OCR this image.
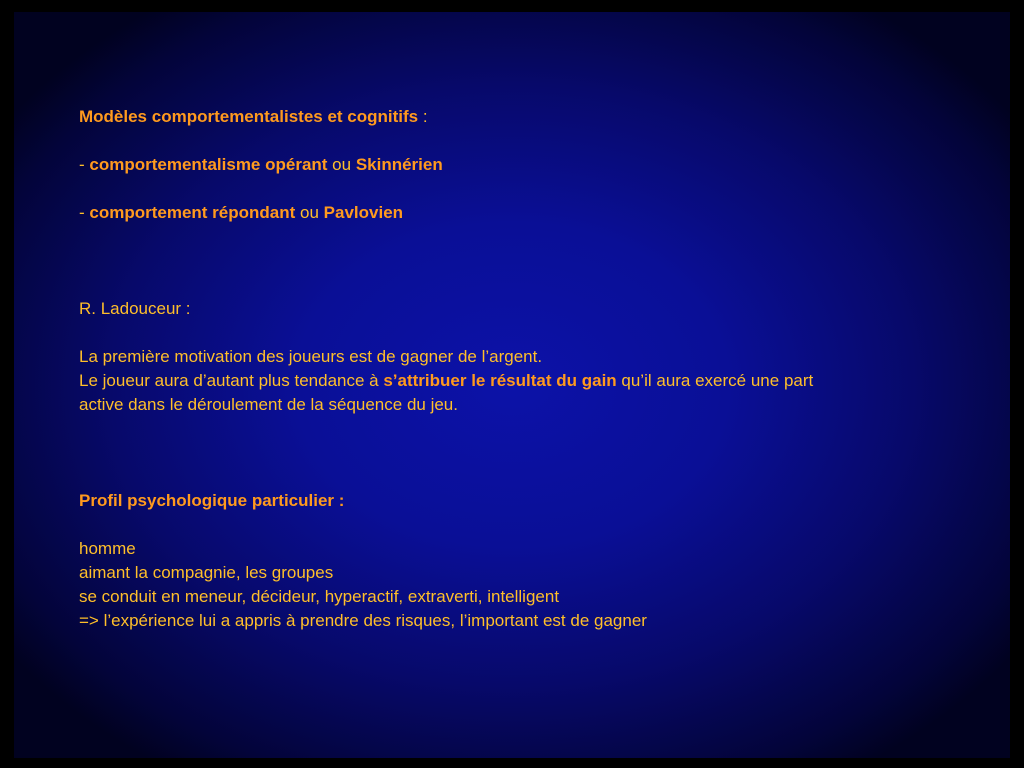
Modèles comportementalistes et cognitifs :

- comportementalisme opérant ou Skinnérien

- comportement répondant ou Pavlovien

R. Ladouceur :

La première motivation des joueurs est de gagner de l’argent.

Le joueur aura d’autant plus tendance à s’attribuer le résultat du gain qu’il aura exercé une part

active dans le déroulement de la séquence du jeu.

Profil psychologique particulier :

homme

aimant la compagnie, les groupes

se conduit en meneur, décideur, hyperactif, extraverti, intelligent

=> l’expérience lui a appris à prendre des risques, l’important est de gagner
